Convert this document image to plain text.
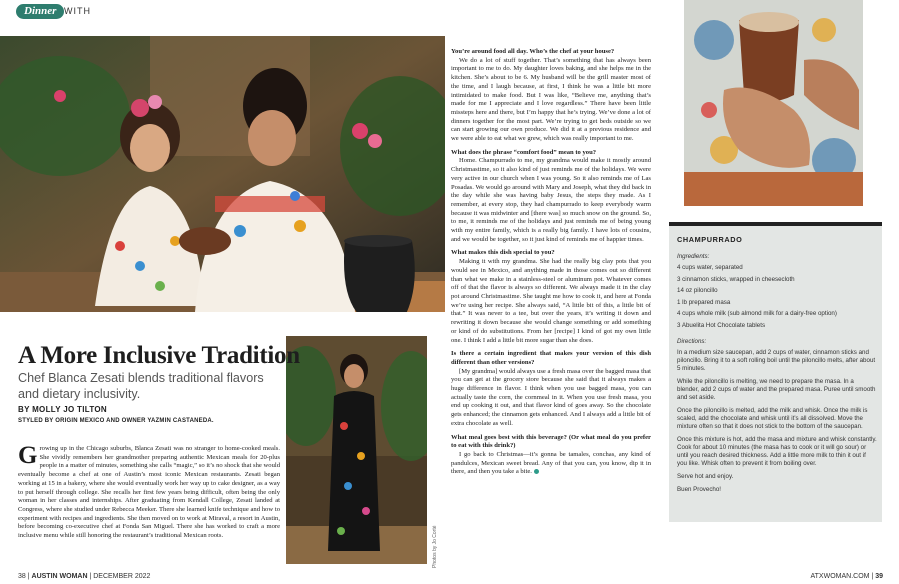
Dinner WITH
A More Inclusive Tradition
Chef Blanca Zesati blends traditional flavors and dietary inclusivity.
BY MOLLY JO TILTON
STYLED BY ORIGIN MEXICO AND OWNER YAZMIN CASTANEDA.
Growing up in the Chicago suburbs, Blanca Zesati was no stranger to home-cooked meals. She vividly remembers her grandmother preparing authentic Mexican meals for 20-plus people in a matter of minutes, something she calls “magic,” so it’s no shock that she would eventually become a chef at one of Austin’s most iconic Mexican restaurants. Zesati began working at 15 in a bakery, where she would eventually work her way up to cake designer, as a way to put herself through college. She recalls her first few years being difficult, often being the only woman in her classes and internships. After graduating from Kendall College, Zesati landed at Congress, where she studied under Rebecca Meeker. There she learned knife technique and how to experiment with recipes and ingredients. She then moved on to work at Miraval, a resort in Austin, before becoming co-executive chef at Fonda San Miguel. There she has worked to craft a more inclusive menu while still honoring the restaurant’s traditional Mexican roots.

You’re around food all day. Who’s the chef at your house?

We do a lot of stuff together. That’s something that has always been important to me to do. My daughter loves baking, and she helps me in the kitchen. She’s about to be 6. My husband will be the grill master most of the time, and I laugh because, at first, I think he was a little bit more intimidated to make food. But I was like, “Believe me, anything that’s made for me I appreciate and I love regardless.” There have been little missteps here and there, but I’m happy that he’s trying. We’ve done a lot of dinners together for the most part. We’re trying to get beds outside so we can start growing our own produce. We did it at a previous residence and we were able to eat what we grew, which was really important to me.

What does the phrase “comfort food” mean to you?

Home. Champurrado to me, my grandma would make it mostly around Christmastime, so it also kind of just reminds me of the holidays. We were very active in our church when I was young. So it also reminds me of Las Posadas. We would go around with Mary and Joseph, what they did back in the day while she was having baby Jesus, the steps they made. As I remember, at every stop, they had champurrado to keep everybody warm because it was midwinter and [there was] so much snow on the ground. So, to me, it reminds me of the holidays and just reminds me of being young with my entire family, which is a really big family. I have lots of cousins, and we would be together, so it just kind of reminds me of happier times.

What makes this dish special to you?

Making it with my grandma. She had the really big clay pots that you would see in Mexico, and anything made in those comes out so different than what we make in a stainless-steel or aluminum pot. Whatever comes off of that the flavor is always so different. We always made it in the clay pot around Christmastime. She taught me how to cook it, and here at Fonda we’re using her recipe. She always said, “A little bit of this, a little bit of that.” It was never to a tee, but over the years, it’s writing it down and rewriting it down because she would change something or add something or kind of do substitutions. From her [recipe] I kind of got my own little one. I think I add a little bit more sugar than she does.

Is there a certain ingredient that makes your version of this dish different than other versions?

[My grandma] would always use a fresh masa over the bagged masa that you can get at the grocery store because she said that it always makes a huge difference in flavor. I think when you use bagged masa, you can actually taste the corn, the cornmeal in it. When you use fresh masa, you end up cooking it out, and that flavor kind of goes away. So the chocolate gets enhanced; the cinnamon gets enhanced. And I always add a little bit of extra chocolate as well.

What meal goes best with this beverage? (Or what meal do you prefer to eat with this drink?)

I go back to Christmas—it’s gonna be tamales, conchas, any kind of pandulces, Mexican sweet bread. Any of that you can, you know, dip it in there, and then you take a bite.

Photos by Jo Corté
CHAMPURRADO
Ingredients:
4 cups water, separated
3 cinnamon sticks, wrapped in cheesecloth
14 oz piloncillo
1 lb prepared masa
4 cups whole milk (sub almond milk for a dairy-free option)
3 Abuelita Hot Chocolate tablets
Directions:
In a medium size saucepan, add 2 cups of water, cinnamon sticks and piloncillo. Bring it to a soft rolling boil until the piloncillo melts, after about 5 minutes.
While the piloncillo is melting, we need to prepare the masa. In a blender, add 2 cups of water and the prepared masa. Puree until smooth and set aside.
Once the piloncillo is melted, add the milk and whisk. Once the milk is scaled, add the chocolate and whisk until it’s all dissolved. Move the mixture often so that it does not stick to the bottom of the saucepan.
Once this mixture is hot, add the masa and mixture and whisk constantly. Cook for about 10 minutes (the masa has to cook or it will go sour) or until you reach desired thickness. Add a little more milk to thin it out if you like. Whisk often to prevent it from boiling over.
Serve hot and enjoy.
Buen Provecho!
38 | AUSTIN WOMAN | DECEMBER 2022	ATXWOMAN.COM | 39
